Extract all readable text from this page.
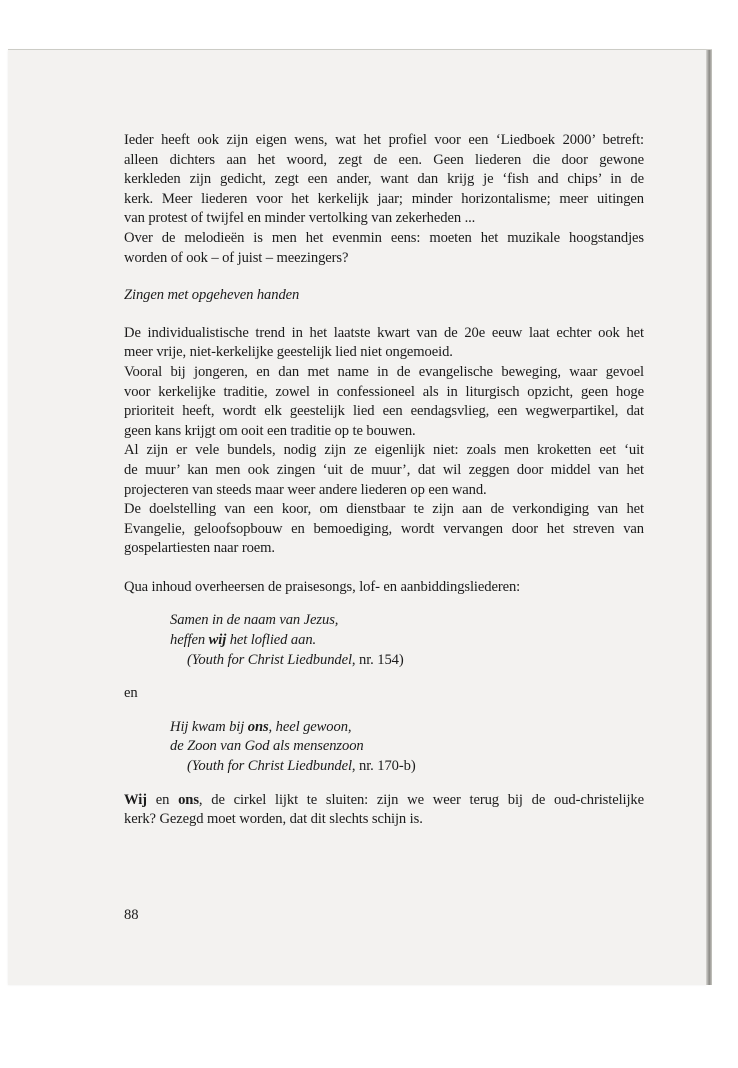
Ieder heeft ook zijn eigen wens, wat het profiel voor een ‘Liedboek 2000’ betreft:
alleen dichters aan het woord, zegt de een. Geen liederen die door gewone
kerkleden zijn gedicht, zegt een ander, want dan krijg je ‘fish and chips’ in de
kerk. Meer liederen voor het kerkelijk jaar; minder horizontalisme; meer uitingen
van protest of twijfel en minder vertolking van zekerheden ...
Over de melodieën is men het evenmin eens: moeten het muzikale hoogstandjes
worden of ook – of juist – meezingers?

Zingen met opgeheven handen

De individualistische trend in het laatste kwart van de 20e eeuw laat echter ook het
meer vrije, niet-kerkelijke geestelijk lied niet ongemoeid.
Vooral bij jongeren, en dan met name in de evangelische beweging, waar gevoel
voor kerkelijke traditie, zowel in confessioneel als in liturgisch opzicht, geen hoge
prioriteit heeft, wordt elk geestelijk lied een eendagsvlieg, een wegwerpartikel, dat
geen kans krijgt om ooit een traditie op te bouwen.
Al zijn er vele bundels, nodig zijn ze eigenlijk niet: zoals men kroketten eet ‘uit
de muur’ kan men ook zingen ‘uit de muur’, dat wil zeggen door middel van het
projecteren van steeds maar weer andere liederen op een wand.
De doelstelling van een koor, om dienstbaar te zijn aan de verkondiging van het
Evangelie, geloofsopbouw en bemoediging, wordt vervangen door het streven van
gospelartiesten naar roem.

Qua inhoud overheersen de praisesongs, lof- en aanbiddingsliederen:

Samen in de naam van Jezus,
heffen wij het loflied aan.
(Youth for Christ Liedbundel, nr. 154)

en

Hij kwam bij ons, heel gewoon,
de Zoon van God als mensenzoon
(Youth for Christ Liedbundel, nr. 170-b)

Wij en ons, de cirkel lijkt te sluiten: zijn we weer terug bij de oud-christelijke
kerk? Gezegd moet worden, dat dit slechts schijn is.

88
